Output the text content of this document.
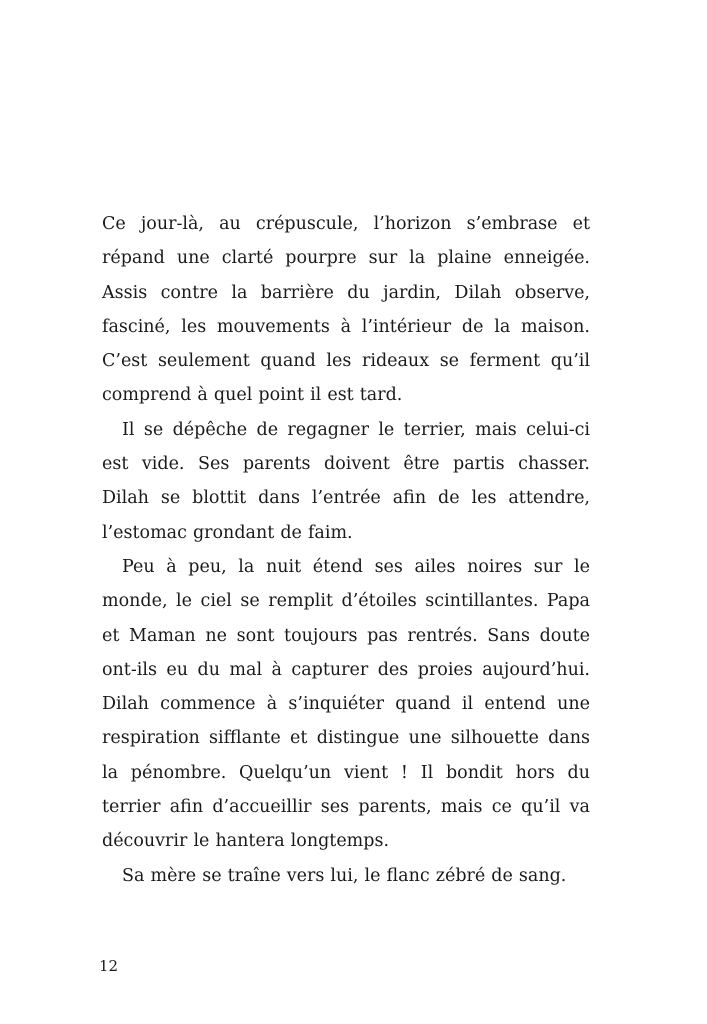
Ce jour-là, au crépuscule, l’horizon s’embrase et répand une clarté pourpre sur la plaine enneigée. Assis contre la barrière du jardin, Dilah observe, fasciné, les mouvements à l’intérieur de la maison. C’est seulement quand les rideaux se ferment qu’il comprend à quel point il est tard.

Il se dépêche de regagner le terrier, mais celui-ci est vide. Ses parents doivent être partis chasser. Dilah se blottit dans l’entrée afin de les attendre, l’estomac grondant de faim.

Peu à peu, la nuit étend ses ailes noires sur le monde, le ciel se remplit d’étoiles scintillantes. Papa et Maman ne sont toujours pas rentrés. Sans doute ont-ils eu du mal à capturer des proies aujourd’hui. Dilah commence à s’inquiéter quand il entend une respiration sifflante et distingue une silhouette dans la pénombre. Quelqu’un vient ! Il bondit hors du terrier afin d’accueillir ses parents, mais ce qu’il va découvrir le hantera longtemps.

Sa mère se traîne vers lui, le flanc zébré de sang.

12
